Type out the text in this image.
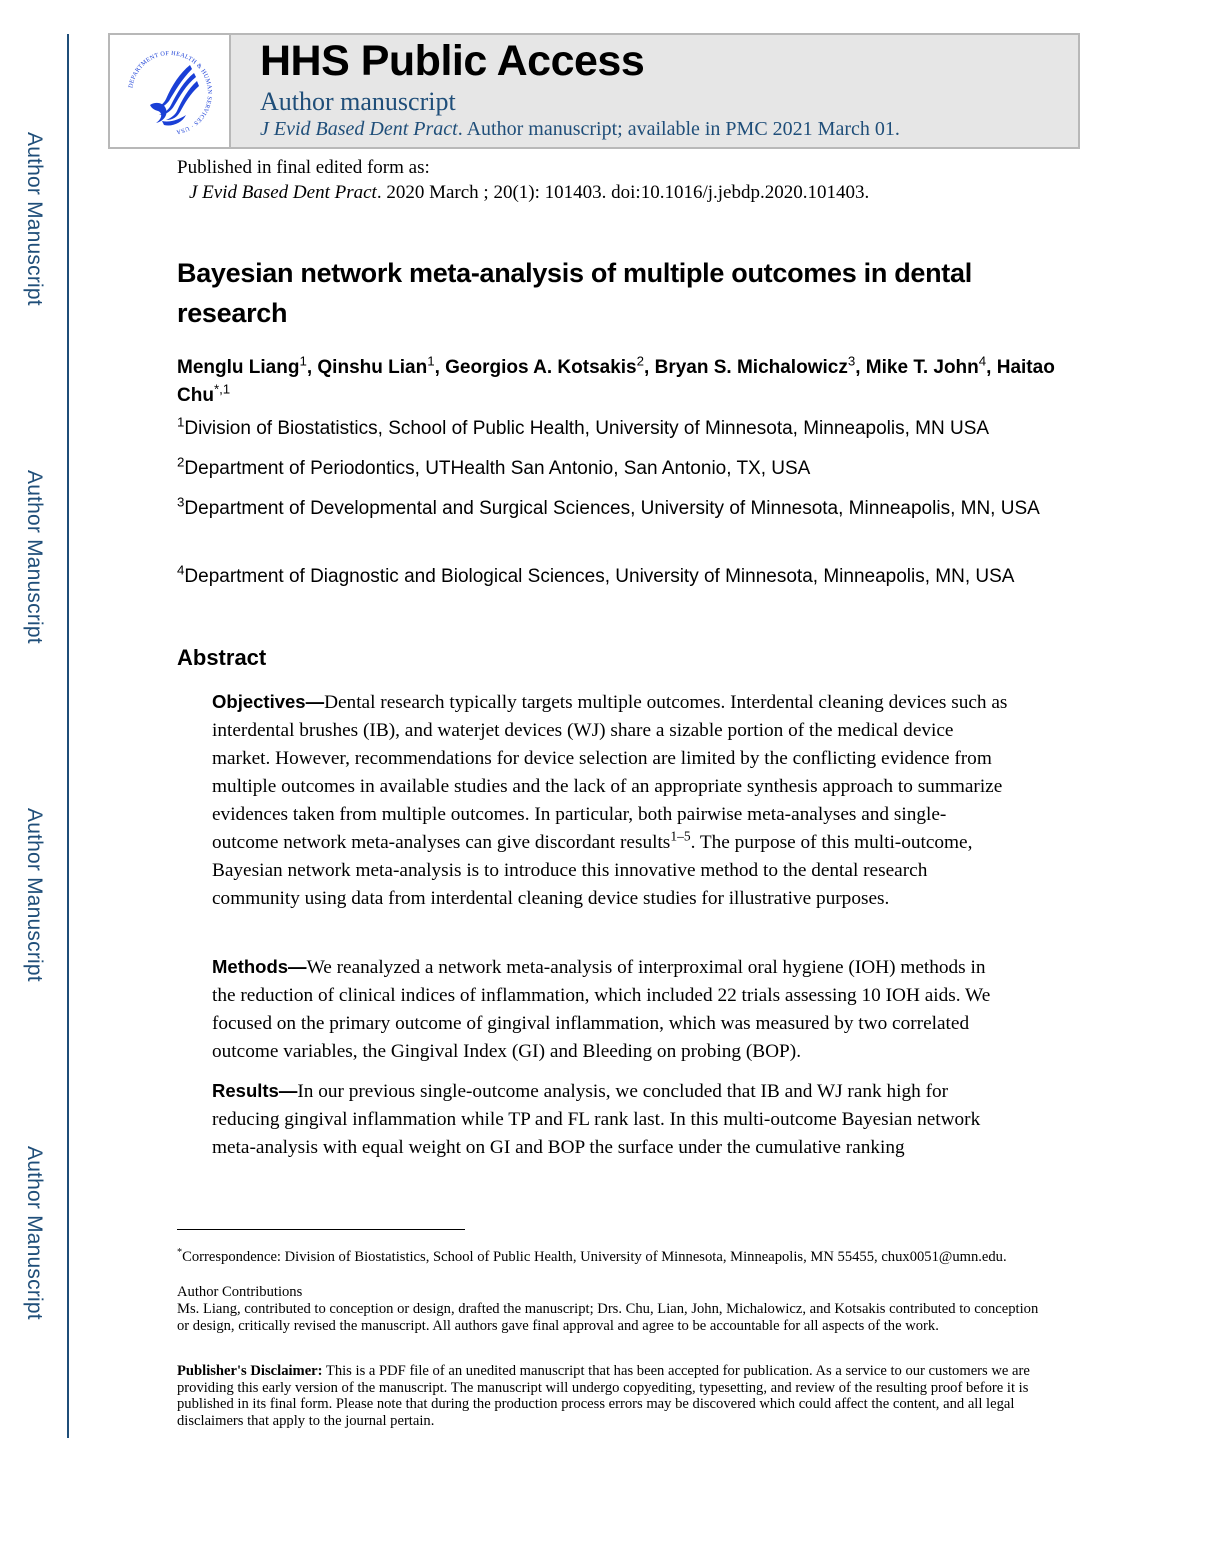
Author Manuscript
Author Manuscript
Author Manuscript
Author Manuscript
DEPARTMENT OF HEALTH & HUMAN SERVICES · USA
HHS Public Access
Author manuscript
J Evid Based Dent Pract. Author manuscript; available in PMC 2021 March 01.
Published in final edited form as:
J Evid Based Dent Pract. 2020 March ; 20(1): 101403. doi:10.1016/j.jebdp.2020.101403.
Bayesian network meta-analysis of multiple outcomes in dental research
Menglu Liang$^1$, Qinshu Lian$^1$, Georgios A. Kotsakis$^2$, Bryan S. Michalowicz$^3$, Mike T. John$^4$, Haitao Chu$^{*,1}$
$^1$Division of Biostatistics, School of Public Health, University of Minnesota, Minneapolis, MN USA
$^2$Department of Periodontics, UTHealth San Antonio, San Antonio, TX, USA
$^3$Department of Developmental and Surgical Sciences, University of Minnesota, Minneapolis, MN, USA
$^4$Department of Diagnostic and Biological Sciences, University of Minnesota, Minneapolis, MN, USA
Abstract

Objectives—Dental research typically targets multiple outcomes. Interdental cleaning devices such as interdental brushes (IB), and waterjet devices (WJ) share a sizable portion of the medical device market. However, recommendations for device selection are limited by the conflicting evidence from multiple outcomes in available studies and the lack of an appropriate synthesis approach to summarize evidences taken from multiple outcomes. In particular, both pairwise meta-analyses and single-outcome network meta-analyses can give discordant results$^{1-5}$. The purpose of this multi-outcome, Bayesian network meta-analysis is to introduce this innovative method to the dental research community using data from interdental cleaning device studies for illustrative purposes.

Methods—We reanalyzed a network meta-analysis of interproximal oral hygiene (IOH) methods in the reduction of clinical indices of inflammation, which included 22 trials assessing 10 IOH aids. We focused on the primary outcome of gingival inflammation, which was measured by two correlated outcome variables, the Gingival Index (GI) and Bleeding on probing (BOP).

Results—In our previous single-outcome analysis, we concluded that IB and WJ rank high for reducing gingival inflammation while TP and FL rank last. In this multi-outcome Bayesian network meta-analysis with equal weight on GI and BOP the surface under the cumulative ranking

*Correspondence: Division of Biostatistics, School of Public Health, University of Minnesota, Minneapolis, MN 55455, chux0051@umn.edu.

Author Contributions

Ms. Liang, contributed to conception or design, drafted the manuscript; Drs. Chu, Lian, John, Michalowicz, and Kotsakis contributed to conception or design, critically revised the manuscript. All authors gave final approval and agree to be accountable for all aspects of the work.

Publisher's Disclaimer: This is a PDF file of an unedited manuscript that has been accepted for publication. As a service to our customers we are providing this early version of the manuscript. The manuscript will undergo copyediting, typesetting, and review of the resulting proof before it is published in its final form. Please note that during the production process errors may be discovered which could affect the content, and all legal disclaimers that apply to the journal pertain.
